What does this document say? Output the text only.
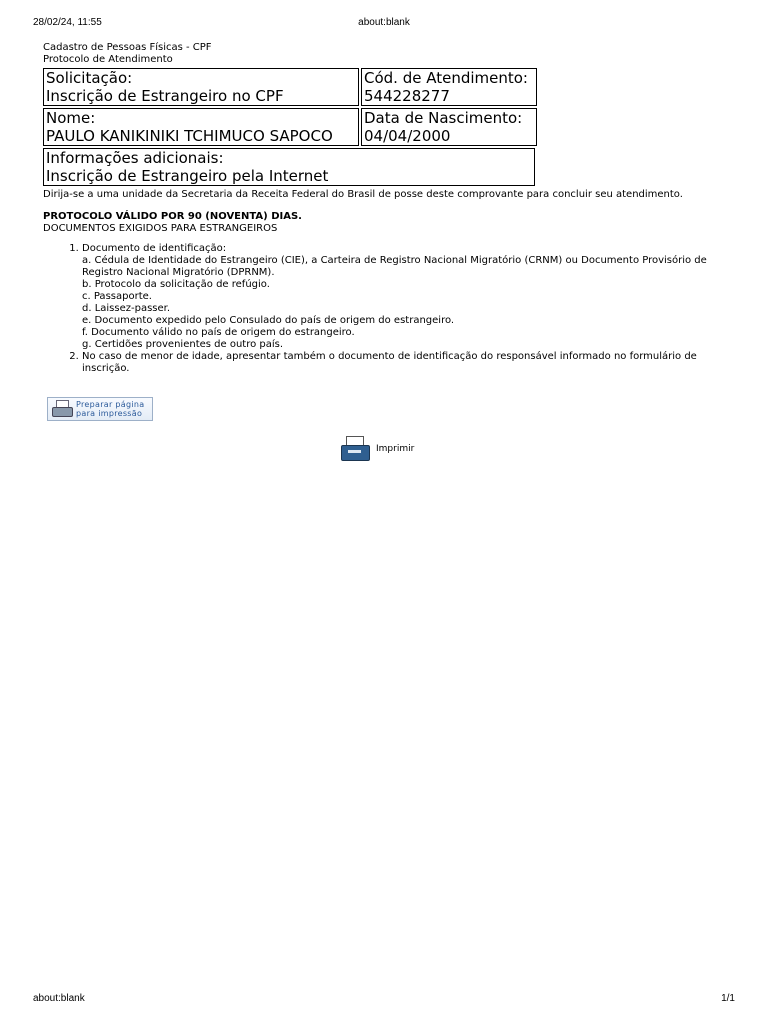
28/02/24, 11:55	about:blank
Cadastro de Pessoas Físicas - CPF
Protocolo de Atendimento
Solicitação:
Inscrição de Estrangeiro no CPF

Cód. de Atendimento:
544228277

Nome:
PAULO KANIKINIKI TCHIMUCO SAPOCO

Data de Nascimento:
04/04/2000

Informações adicionais:
Inscrição de Estrangeiro pela Internet
Dirija-se a uma unidade da Secretaria da Receita Federal do Brasil de posse deste comprovante para concluir seu atendimento.
PROTOCOLO VÁLIDO POR 90 (NOVENTA) DIAS.
DOCUMENTOS EXIGIDOS PARA ESTRANGEIROS
1. Documento de identificação:
a. Cédula de Identidade do Estrangeiro (CIE), a Carteira de Registro Nacional Migratório (CRNM) ou Documento Provisório de Registro Nacional Migratório (DPRNM).
b. Protocolo da solicitação de refúgio.
c. Passaporte.
d. Laissez-passer.
e. Documento expedido pelo Consulado do país de origem do estrangeiro.
f. Documento válido no país de origem do estrangeiro.
g. Certidões provenientes de outro país.
2. No caso de menor de idade, apresentar também o documento de identificação do responsável informado no formulário de inscrição.
Preparar página
para impressão
Imprimir
about:blank	1/1
